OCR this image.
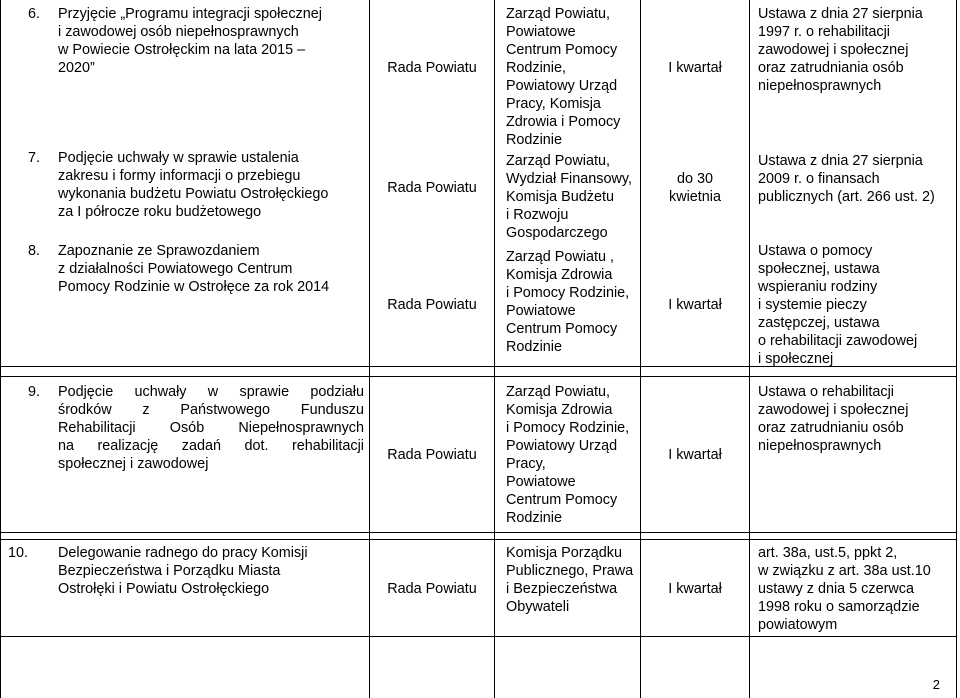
6. Przyjęcie „Programu integracji społecznej
i zawodowej osób niepełnosprawnych
w Powiecie Ostrołęckim na lata 2015 –
2020”	Rada Powiatu
Zarząd Powiatu,
Powiatowe
Centrum Pomocy
Rodzinie,
Powiatowy Urząd
Pracy, Komisja
Zdrowia i Pomocy
Rodzinie
I kwartał
Ustawa z dnia 27 sierpnia
1997 r. o rehabilitacji
zawodowej i społecznej
oraz zatrudniania osób
niepełnosprawnych
7. Podjęcie uchwały w sprawie ustalenia
zakresu i formy informacji o przebiegu
wykonania budżetu Powiatu Ostrołęckiego
za I półrocze roku budżetowego
Rada Powiatu
Zarząd Powiatu,
Wydział Finansowy,
Komisja Budżetu
i Rozwoju
Gospodarczego
do 30
kwietnia
Ustawa z dnia 27 sierpnia
2009 r. o finansach
publicznych (art. 266 ust. 2)
8. Zapoznanie ze Sprawozdaniem
z działalności Powiatowego Centrum
Pomocy Rodzinie w Ostrołęce za rok 2014
Rada Powiatu
Zarząd Powiatu ,
Komisja Zdrowia
i Pomocy Rodzinie,
Powiatowe
Centrum Pomocy
Rodzinie
I kwartał
Ustawa o pomocy
społecznej, ustawa
wspieraniu rodziny
i systemie pieczy
zastępczej, ustawa
o rehabilitacji zawodowej
i społecznej
9. Podjęcie uchwały w sprawie podziału
środków z Państwowego Funduszu
Rehabilitacji Osób Niepełnosprawnych
na realizację zadań dot. rehabilitacji
społecznej i zawodowej
Rada Powiatu
Zarząd Powiatu,
Komisja Zdrowia
i Pomocy Rodzinie,
Powiatowy Urząd
Pracy,
Powiatowe
Centrum Pomocy
Rodzinie
I kwartał
Ustawa o rehabilitacji
zawodowej i społecznej
oraz zatrudnianiu osób
niepełnosprawnych
10. Delegowanie radnego do pracy Komisji
Bezpieczeństwa i Porządku Miasta
Ostrołęki i Powiatu Ostrołęckiego	Rada Powiatu
Komisja Porządku
Publicznego, Prawa
i Bezpieczeństwa
Obywateli
I kwartał
art. 38a, ust.5, ppkt 2,
w związku z art. 38a ust.10
ustawy z dnia 5 czerwca
1998 roku o samorządzie
powiatowym
2
